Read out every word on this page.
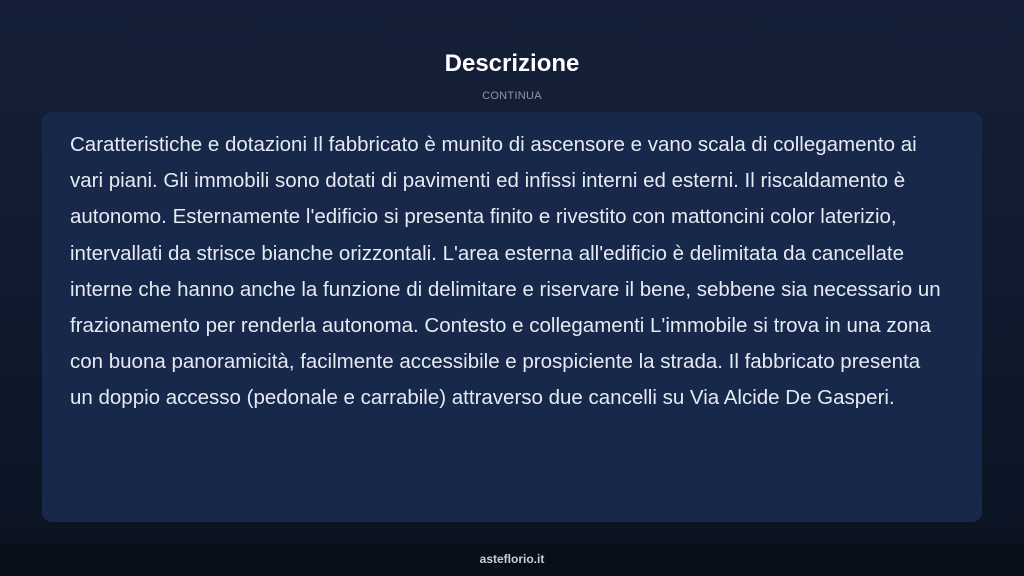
Descrizione
CONTINUA

Caratteristiche e dotazioni Il fabbricato è munito di ascensore e vano scala di collegamento ai vari piani. Gli immobili sono dotati di pavimenti ed infissi interni ed esterni. Il riscaldamento è autonomo. Esternamente l'edificio si presenta finito e rivestito con mattoncini color laterizio, intervallati da strisce bianche orizzontali. L'area esterna all'edificio è delimitata da cancellate interne che hanno anche la funzione di delimitare e riservare il bene, sebbene sia necessario un frazionamento per renderla autonoma. Contesto e collegamenti L'immobile si trova in una zona con buona panoramicità, facilmente accessibile e prospiciente la strada. Il fabbricato presenta un doppio accesso (pedonale e carrabile) attraverso due cancelli su Via Alcide De Gasperi.

asteflorio.it
